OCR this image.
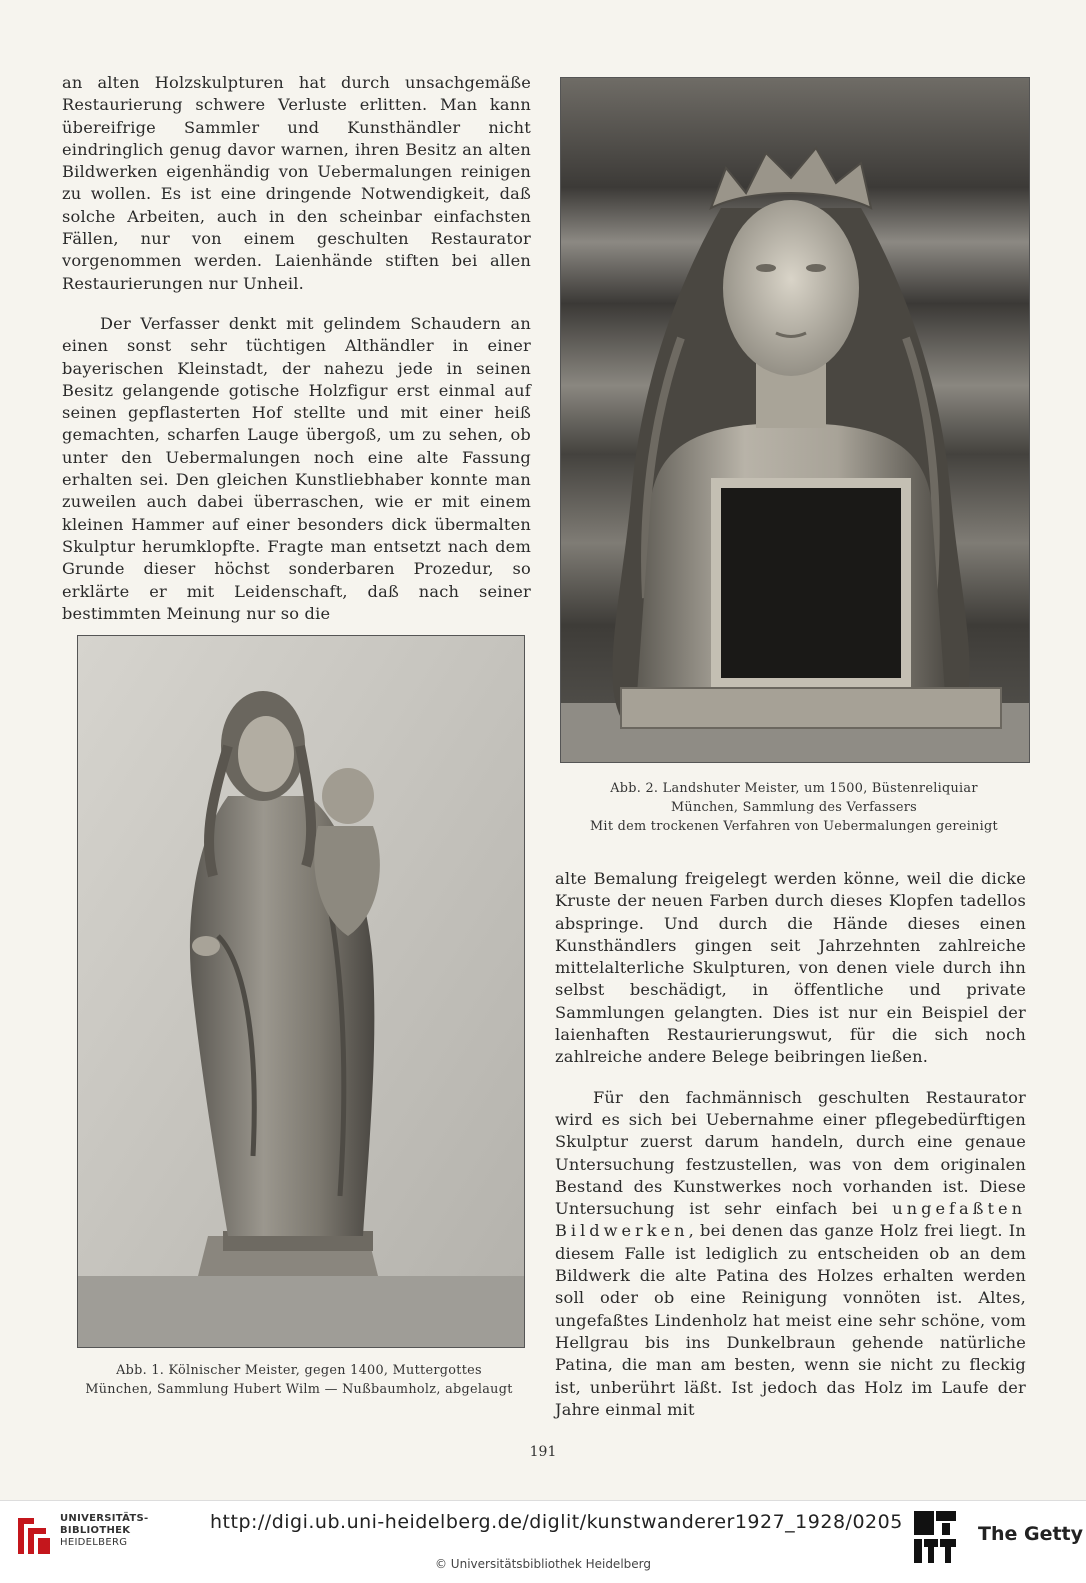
an alten Holzskulpturen hat durch unsachgemäße Restaurierung schwere Verluste erlitten. Man kann übereifrige Sammler und Kunsthändler nicht eindringlich genug davor warnen, ihren Besitz an alten Bildwerken eigenhändig von Uebermalungen reinigen zu wollen. Es ist eine dringende Notwendigkeit, daß solche Arbeiten, auch in den scheinbar einfachsten Fällen, nur von einem geschulten Restaurator vorgenommen werden. Laienhände stiften bei allen Restaurierungen nur Unheil.

Der Verfasser denkt mit gelindem Schaudern an einen sonst sehr tüchtigen Althändler in einer bayerischen Kleinstadt, der nahezu jede in seinen Besitz gelangende gotische Holzfigur erst einmal auf seinen gepflasterten Hof stellte und mit einer heiß gemachten, scharfen Lauge übergoß, um zu sehen, ob unter den Uebermalungen noch eine alte Fassung erhalten sei. Den gleichen Kunstliebhaber konnte man zuweilen auch dabei überraschen, wie er mit einem kleinen Hammer auf einer besonders dick übermalten Skulptur herumklopfte. Fragte man entsetzt nach dem Grunde dieser höchst sonderbaren Prozedur, so erklärte er mit Leidenschaft, daß nach seiner bestimmten Meinung nur so die

Abb. 2. Landshuter Meister, um 1500, Büstenreliquiar
München, Sammlung des Verfassers
Mit dem trockenen Verfahren von Uebermalungen gereinigt
Abb. 1. Kölnischer Meister, gegen 1400, Muttergottes
München, Sammlung Hubert Wilm — Nußbaumholz, abgelaugt

alte Bemalung freigelegt werden könne, weil die dicke Kruste der neuen Farben durch dieses Klopfen tadellos abspringe. Und durch die Hände dieses einen Kunsthändlers gingen seit Jahrzehnten zahlreiche mittelalterliche Skulpturen, von denen viele durch ihn selbst beschädigt, in öffentliche und private Sammlungen gelangten. Dies ist nur ein Beispiel der laienhaften Restaurierungswut, für die sich noch zahlreiche andere Belege beibringen ließen.

Für den fachmännisch geschulten Restaurator wird es sich bei Uebernahme einer pflegebedürftigen Skulptur zuerst darum handeln, durch eine genaue Untersuchung festzustellen, was von dem originalen Bestand des Kunstwerkes noch vorhanden ist. Diese Untersuchung ist sehr einfach bei ungefaßten Bildwerken, bei denen das ganze Holz frei liegt. In diesem Falle ist lediglich zu entscheiden ob an dem Bildwerk die alte Patina des Holzes erhalten werden soll oder ob eine Reinigung vonnöten ist. Altes, ungefaßtes Lindenholz hat meist eine sehr schöne, vom Hellgrau bis ins Dunkelbraun gehende natürliche Patina, die man am besten, wenn sie nicht zu fleckig ist, unberührt läßt. Ist jedoch das Holz im Laufe der Jahre einmal mit

191
UNIVERSITÄTS-
BIBLIOTHEK
HEIDELBERG
http://digi.ub.uni-heidelberg.de/diglit/kunstwanderer1927_1928/0205
© Universitätsbibliothek Heidelberg
The Getty
